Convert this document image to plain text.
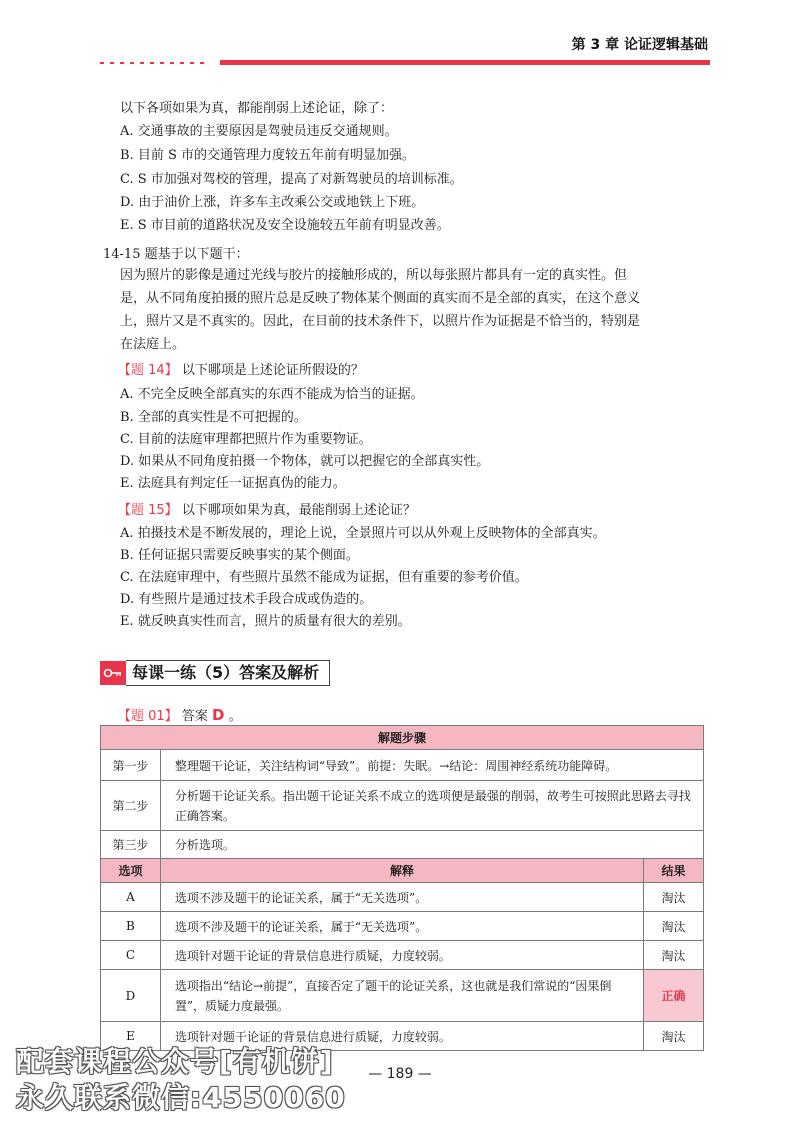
第 3 章 论证逻辑基础
以下各项如果为真，都能削弱上述论证，除了：
A. 交通事故的主要原因是驾驶员违反交通规则。
B. 目前 S 市的交通管理力度较五年前有明显加强。
C. S 市加强对驾校的管理，提高了对新驾驶员的培训标准。
D. 由于油价上涨，许多车主改乘公交或地铁上下班。
E. S 市目前的道路状况及安全设施较五年前有明显改善。
14-15 题基于以下题干：
因为照片的影像是通过光线与胶片的接触形成的，所以每张照片都具有一定的真实性。但
是，从不同角度拍摄的照片总是反映了物体某个侧面的真实而不是全部的真实，在这个意义
上，照片又是不真实的。因此，在目前的技术条件下，以照片作为证据是不恰当的，特别是
在法庭上。
【题 14】 以下哪项是上述论证所假设的？
A. 不完全反映全部真实的东西不能成为恰当的证据。
B. 全部的真实性是不可把握的。
C. 目前的法庭审理都把照片作为重要物证。
D. 如果从不同角度拍摄一个物体，就可以把握它的全部真实性。
E. 法庭具有判定任一证据真伪的能力。
【题 15】 以下哪项如果为真，最能削弱上述论证？
A. 拍摄技术是不断发展的，理论上说，全景照片可以从外观上反映物体的全部真实。
B. 任何证据只需要反映事实的某个侧面。
C. 在法庭审理中，有些照片虽然不能成为证据，但有重要的参考价值。
D. 有些照片是通过技术手段合成或伪造的。
E. 就反映真实性而言，照片的质量有很大的差别。
每课一练（5）答案及解析
【题 01】 答案 D 。
解题步骤		
第一步	整理题干论证，关注结构词“导致”。前提：失眠。→结论：周围神经系统功能障碍。	
第二步	分析题干论证关系。指出题干论证关系不成立的选项便是最强的削弱，故考生可按照此思路去寻找正确答案。	
第三步	分析选项。	
选项	解释	结果
A	选项不涉及题干的论证关系，属于“无关选项”。	淘汰
B	选项不涉及题干的论证关系，属于“无关选项”。	淘汰
C	选项针对题干论证的背景信息进行质疑，力度较弱。	淘汰
D	选项指出“结论→前提”，直接否定了题干的论证关系，这也就是我们常说的“因果倒置”，质疑力度最强。	正确
E	选项针对题干论证的背景信息进行质疑，力度较弱。	淘汰
— 189 —
配套课程公众号[有机饼]
永久联系微信:4550060
